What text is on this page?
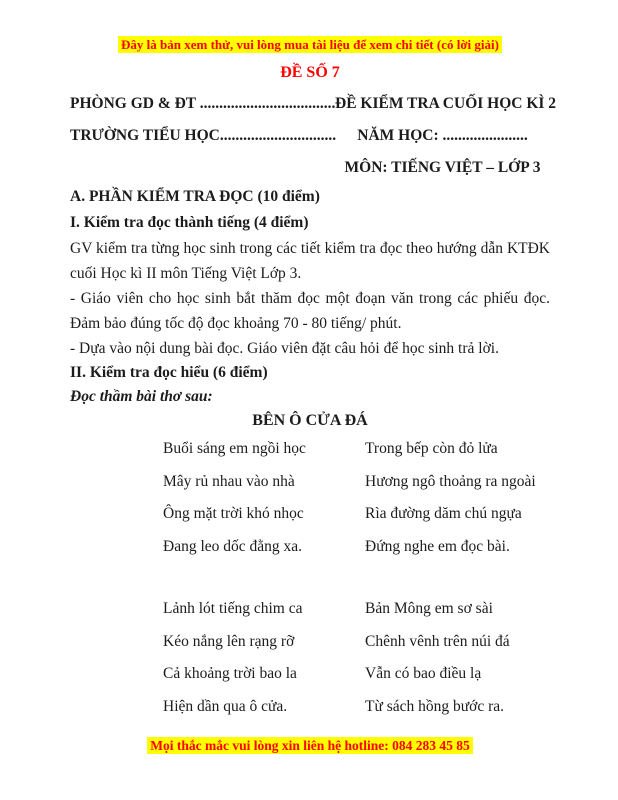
Đây là bản xem thử, vui lòng mua tài liệu để xem chi tiết (có lời giải)
ĐỀ SỐ 7
PHÒNG GD & ĐT ................................... ĐỀ KIỂM TRA CUỐI HỌC KÌ 2
TRƯỜNG TIỂU HỌC..............................	NĂM HỌC: ......................
MÔN: TIẾNG VIỆT – LỚP 3
A. PHẦN KIỂM TRA ĐỌC (10 điểm)
I. Kiểm tra đọc thành tiếng (4 điểm)

GV kiểm tra từng học sinh trong các tiết kiểm tra đọc theo hướng dẫn KTĐK cuối Học kì II môn Tiếng Việt Lớp 3.

- Giáo viên cho học sinh bắt thăm đọc một đoạn văn trong các phiếu đọc. Đảm bảo đúng tốc độ đọc khoảng 70 - 80 tiếng/ phút.

- Dựa vào nội dung bài đọc. Giáo viên đặt câu hỏi để học sinh trả lời.

II. Kiểm tra đọc hiểu (6 điểm)
Đọc thầm bài thơ sau:
BÊN Ô CỬA ĐÁ
Buổi sáng em ngồi học
Mây rủ nhau vào nhà
Ông mặt trời khó nhọc
Đang leo dốc đằng xa.
Trong bếp còn đỏ lửa
Hương ngô thoảng ra ngoài
Rìa đường dăm chú ngựa
Đứng nghe em đọc bài.
Lảnh lót tiếng chim ca
Kéo nắng lên rạng rỡ
Cả khoảng trời bao la
Hiện dần qua ô cửa.
Bản Mông em sơ sài
Chênh vênh trên núi đá
Vẫn có bao điều lạ
Từ sách hồng bước ra.
Mọi thắc mắc vui lòng xin liên hệ hotline: 084 283 45 85
